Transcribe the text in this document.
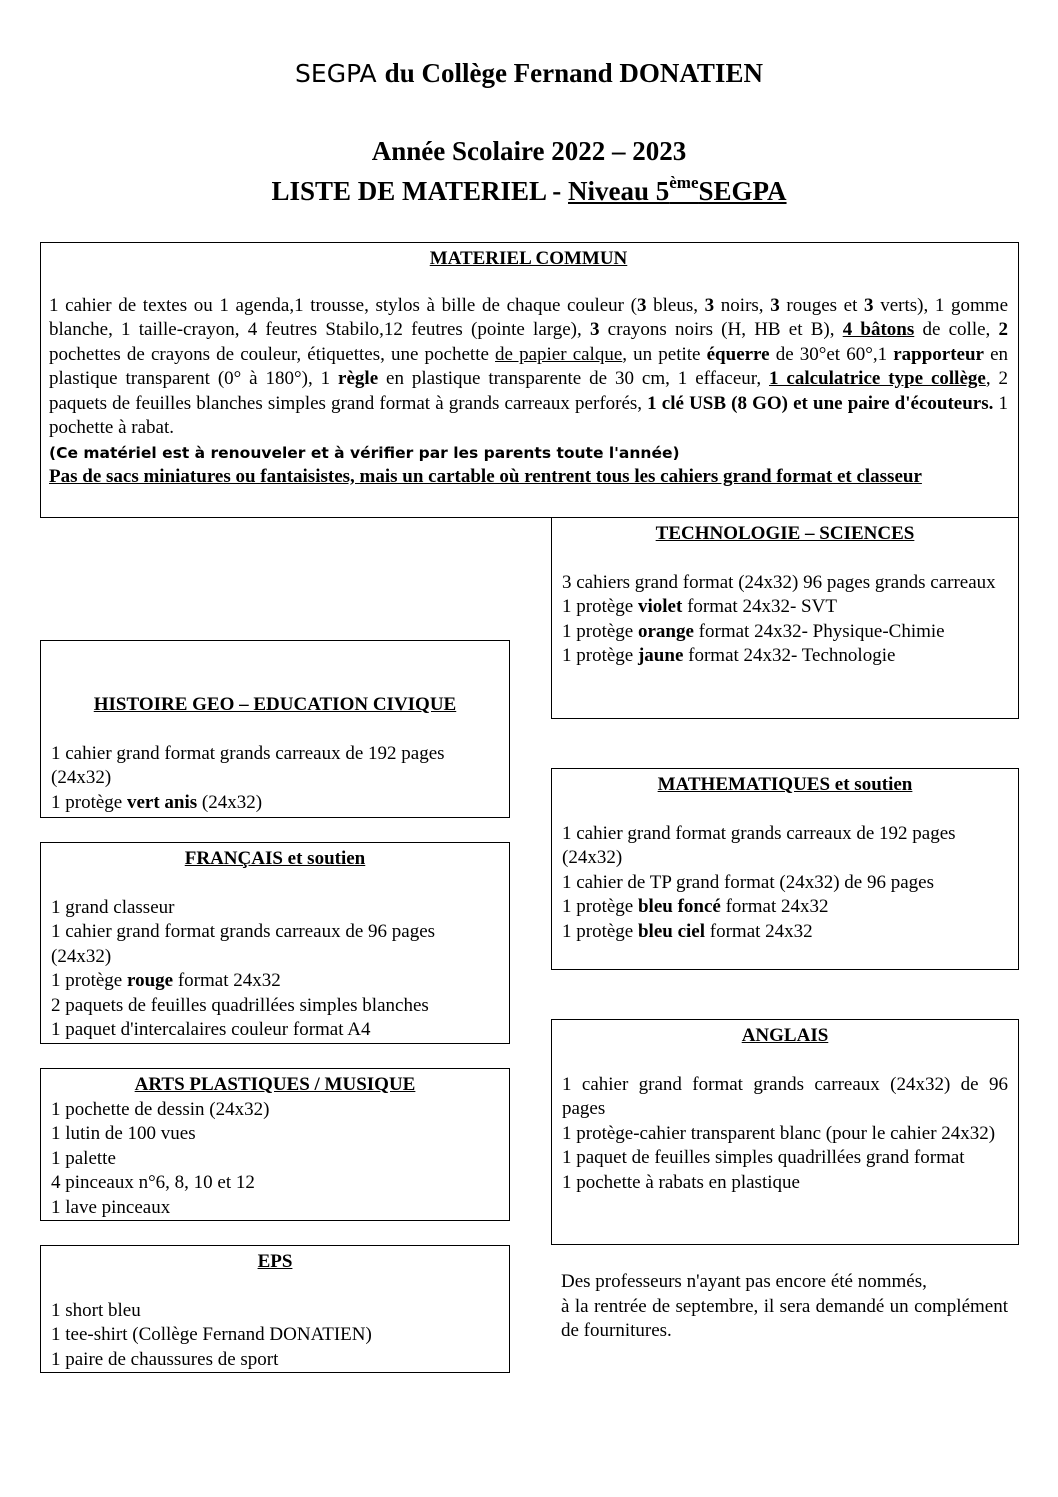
SEGPA du Collège Fernand DONATIEN
Année Scolaire 2022 – 2023
LISTE DE MATERIEL - Niveau 5èmeSEGPA
MATERIEL COMMUN

1 cahier de textes ou 1 agenda,1 trousse, stylos à bille de chaque couleur (3 bleus, 3 noirs, 3 rouges et 3 verts), 1 gomme blanche, 1 taille-crayon, 4 feutres Stabilo,12 feutres (pointe large), 3 crayons noirs (H, HB et B), 4 bâtons de colle, 2 pochettes de crayons de couleur, étiquettes, une pochette de papier calque, un petite équerre de 30°et 60°,1 rapporteur en plastique transparent (0° à 180°), 1 règle en plastique transparente de 30 cm, 1 effaceur, 1 calculatrice type collège, 2 paquets de feuilles blanches simples grand format à grands carreaux perforés, 1 clé USB (8 GO) et une paire d'écouteurs. 1 pochette à rabat.

(Ce matériel est à renouveler et à vérifier par les parents toute l'année)

Pas de sacs miniatures ou fantaisistes, mais un cartable où rentrent tous les cahiers grand format et classeur

TECHNOLOGIE – SCIENCES

3 cahiers grand format (24x32) 96 pages grands carreaux

1 protège violet format 24x32- SVT

1 protège orange format 24x32- Physique-Chimie

1 protège jaune format 24x32- Technologie

HISTOIRE GEO – EDUCATION CIVIQUE

1 cahier grand format grands carreaux de 192 pages (24x32)

1 protège vert anis (24x32)

MATHEMATIQUES et soutien

1 cahier grand format grands carreaux de 192 pages (24x32)

1 cahier de TP grand format (24x32) de 96 pages

1 protège bleu foncé format 24x32

1 protège bleu ciel format 24x32

FRANÇAIS et soutien

1 grand classeur

1 cahier grand format grands carreaux de 96 pages (24x32)

1 protège rouge format 24x32

2 paquets de feuilles quadrillées simples blanches

1 paquet d'intercalaires couleur format A4	ANGLAIS

1 cahier grand format grands carreaux (24x32) de 96 pages

1 protège-cahier transparent blanc (pour le cahier 24x32)

1 paquet de feuilles simples quadrillées grand format

1 pochette à rabats en plastique

ARTS PLASTIQUES / MUSIQUE

1 pochette de dessin (24x32)

1 lutin de 100 vues

1 palette

4 pinceaux n°6, 8, 10 et 12

1 lave pinceaux

EPS

1 short bleu

1 tee-shirt (Collège Fernand DONATIEN)

1 paire de chaussures de sport

Des professeurs n'ayant pas encore été nommés,

à la rentrée de septembre, il sera demandé un complément de fournitures.
